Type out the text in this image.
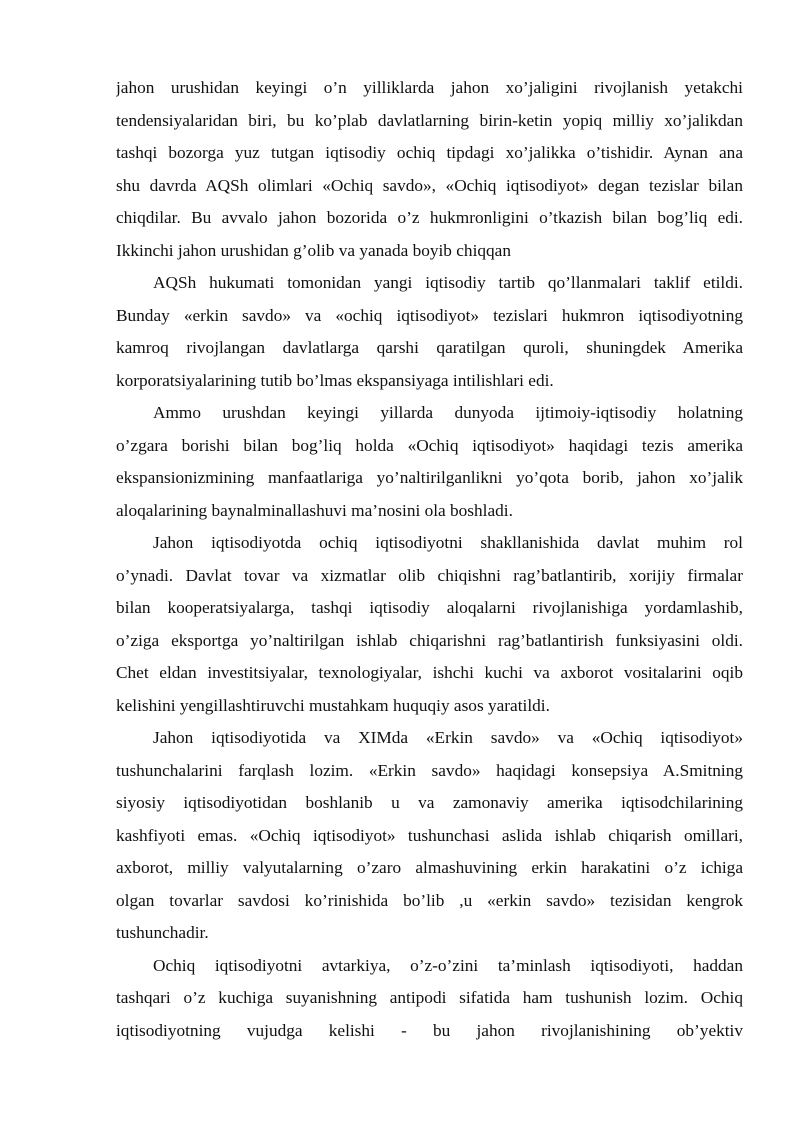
jahon urushidan keyingi o’n yilliklarda jahon xo’jaligini rivojlanish yetakchi
tendensiyalaridan biri, bu ko’plab davlatlarning birin-ketin yopiq milliy xo’jalikdan
tashqi bozorga yuz tutgan iqtisodiy ochiq tipdagi xo’jalikka o’tishidir. Aynan ana
shu davrda AQSh olimlari «Ochiq savdo», «Ochiq iqtisodiyot» degan tezislar bilan
chiqdilar. Bu avvalo jahon bozorida o’z hukmronligini o’tkazish bilan bog’liq edi.
Ikkinchi jahon urushidan g’olib va yanada boyib chiqqan
AQSh hukumati tomonidan yangi iqtisodiy tartib qo’llanmalari taklif etildi.
Bunday «erkin savdo» va «ochiq iqtisodiyot» tezislari hukmron iqtisodiyotning
kamroq rivojlangan davlatlarga qarshi qaratilgan quroli, shuningdek Amerika
korporatsiyalarining tutib bo’lmas ekspansiyaga intilishlari edi.
Ammo urushdan keyingi yillarda dunyoda ijtimoiy-iqtisodiy holatning
o’zgara borishi bilan bog’liq holda «Ochiq iqtisodiyot» haqidagi tezis amerika
ekspansionizmining manfaatlariga yo’naltirilganlikni yo’qota borib, jahon xo’jalik
aloqalarining baynalminallashuvi ma’nosini ola boshladi.
Jahon iqtisodiyotda ochiq iqtisodiyotni shakllanishida davlat muhim rol
o’ynadi. Davlat tovar va xizmatlar olib chiqishni rag’batlantirib, xorijiy firmalar
bilan kooperatsiyalarga, tashqi iqtisodiy aloqalarni rivojlanishiga yordamlashib,
o’ziga eksportga yo’naltirilgan ishlab chiqarishni rag’batlantirish funksiyasini oldi.
Chet eldan investitsiyalar, texnologiyalar, ishchi kuchi va axborot vositalarini oqib
kelishini yengillashtiruvchi mustahkam huquqiy asos yaratildi.
Jahon iqtisodiyotida va XIMda «Erkin savdo» va «Ochiq iqtisodiyot»
tushunchalarini farqlash lozim. «Erkin savdo» haqidagi konsepsiya A.Smitning
siyosiy iqtisodiyotidan boshlanib u va zamonaviy amerika iqtisodchilarining
kashfiyoti emas. «Ochiq iqtisodiyot» tushunchasi aslida ishlab chiqarish omillari,
axborot, milliy valyutalarning o’zaro almashuvining erkin harakatini o’z ichiga
olgan tovarlar savdosi ko’rinishida bo’lib ,u «erkin savdo» tezisidan kengrok
tushunchadir.
Ochiq iqtisodiyotni avtarkiya, o’z-o’zini ta’minlash iqtisodiyoti, haddan
tashqari o’z kuchiga suyanishning antipodi sifatida ham tushunish lozim. Ochiq
iqtisodiyotning vujudga kelishi - bu jahon rivojlanishining ob’yektiv
